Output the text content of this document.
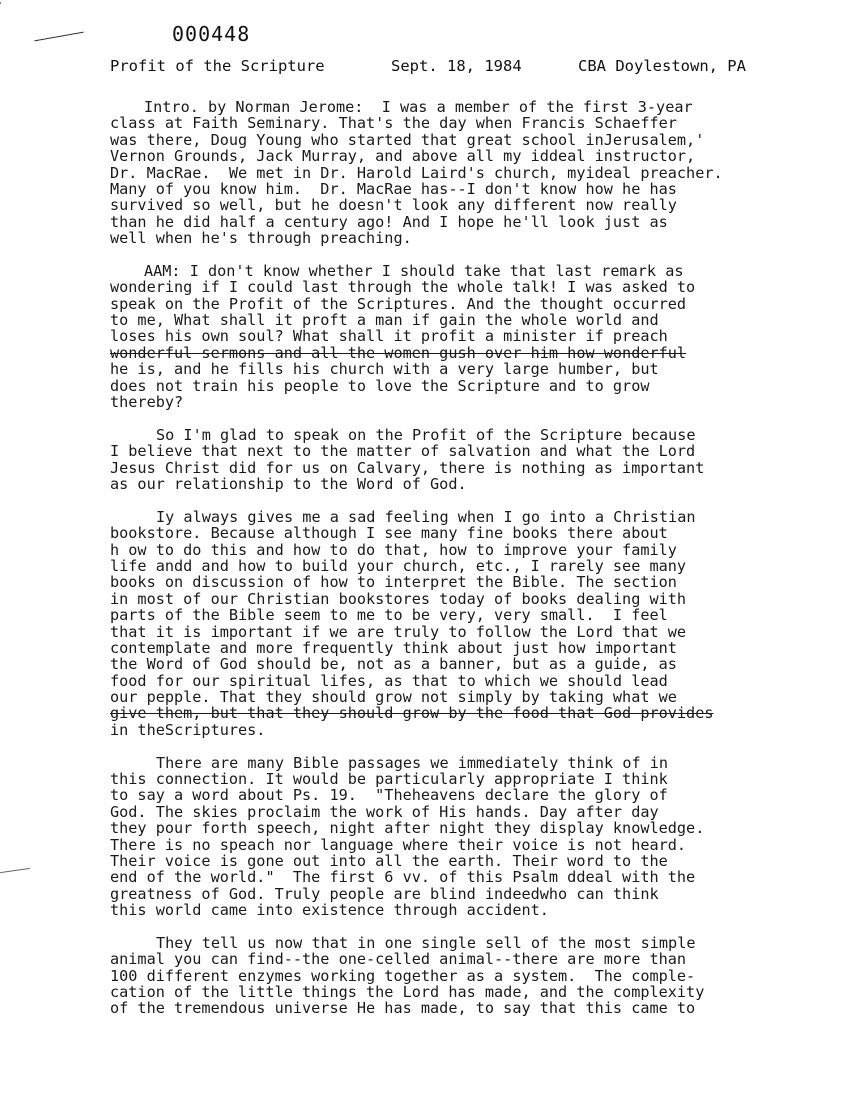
000448
Profit of the Scripture	Sept. 18, 1984	CBA Doylestown, PA
Intro. by Norman Jerome:  I was a member of the first 3-year
class at Faith Seminary. That's the day when Francis Schaeffer
was there, Doug Young who started that great school inJerusalem,'
Vernon Grounds, Jack Murray, and above all my iddeal instructor,
Dr. MacRae.  We met in Dr. Harold Laird's church, myideal preacher.
Many of you know him.  Dr. MacRae has--I don't know how he has
survived so well, but he doesn't look any different now really
than he did half a century ago! And I hope he'll look just as
well when he's through preaching.
AAM: I don't know whether I should take that last remark as
wondering if I could last through the whole talk! I was asked to
speak on the Profit of the Scriptures. And the thought occurred
to me, What shall it proft a man if gain the whole world and
loses his own soul? What shall it profit a minister if preach
wonderful sermons and all the women gush over him how wonderful
he is, and he fills his church with a very large humber, but
does not train his people to love the Scripture and to grow
thereby?
So I'm glad to speak on the Profit of the Scripture because
I believe that next to the matter of salvation and what the Lord
Jesus Christ did for us on Calvary, there is nothing as important
as our relationship to the Word of God.
Iy always gives me a sad feeling when I go into a Christian
bookstore. Because although I see many fine books there about
h ow to do this and how to do that, how to improve your family
life andd and how to build your church, etc., I rarely see many
books on discussion of how to interpret the Bible. The section
in most of our Christian bookstores today of books dealing with
parts of the Bible seem to me to be very, very small.  I feel
that it is important if we are truly to follow the Lord that we
contemplate and more frequently think about just how important
the Word of God should be, not as a banner, but as a guide, as
food for our spiritual lifes, as that to which we should lead
our pepple. That they should grow not simply by taking what we
give them, but that they should grow by the food that God provides
in theScriptures.
There are many Bible passages we immediately think of in
this connection. It would be particularly appropriate I think
to say a word about Ps. 19.  "Theheavens declare the glory of
God. The skies proclaim the work of His hands. Day after day
they pour forth speech, night after night they display knowledge.
There is no speach nor language where their voice is not heard.
Their voice is gone out into all the earth. Their word to the
end of the world."  The first 6 vv. of this Psalm ddeal with the
greatness of God. Truly people are blind indeedwho can think
this world came into existence through accident.
They tell us now that in one single sell of the most simple
animal you can find--the one-celled animal--there are more than
100 different enzymes working together as a system.  The comple-
cation of the little things the Lord has made, and the complexity
of the tremendous universe He has made, to say that this came to
